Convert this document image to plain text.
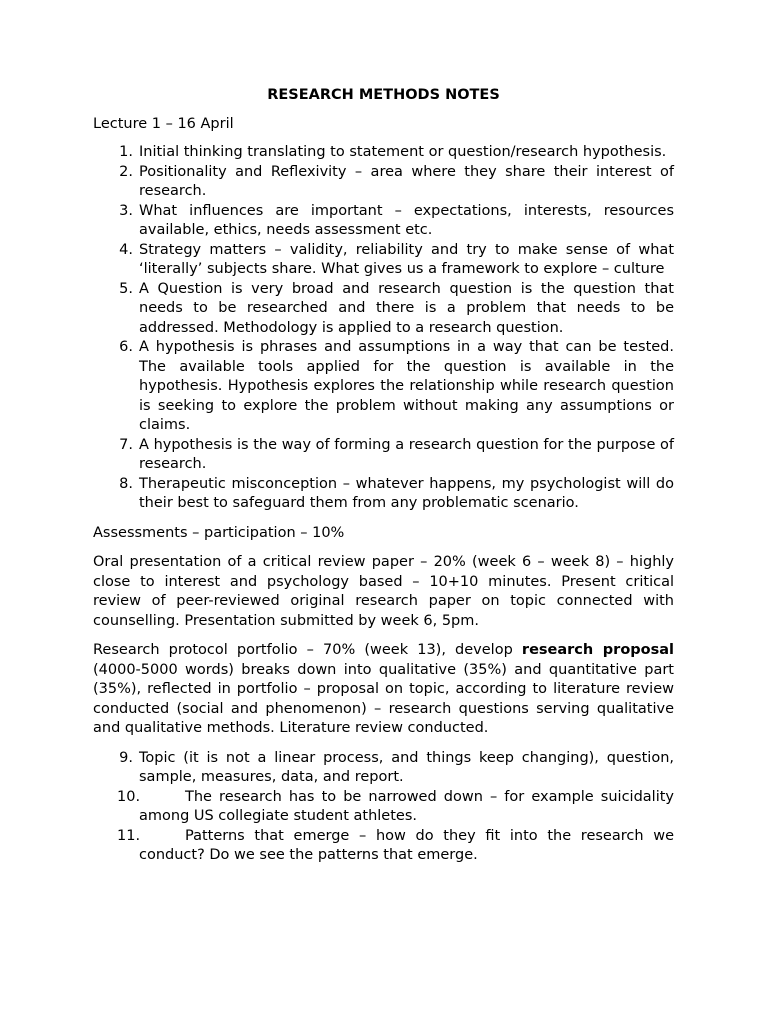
RESEARCH METHODS NOTES

Lecture 1 – 16 April

1. Initial thinking translating to statement or question/research hypothesis.
2. Positionality and Reflexivity – area where they share their interest of research.
3. What influences are important – expectations, interests, resources available, ethics, needs assessment etc.
4. Strategy matters – validity, reliability and try to make sense of what ‘literally’ subjects share. What gives us a framework to explore – culture
5. A Question is very broad and research question is the question that needs to be researched and there is a problem that needs to be addressed. Methodology is applied to a research question.
6. A hypothesis is phrases and assumptions in a way that can be tested. The available tools applied for the question is available in the hypothesis. Hypothesis explores the relationship while research question is seeking to explore the problem without making any assumptions or claims.
7. A hypothesis is the way of forming a research question for the purpose of research.
8. Therapeutic misconception – whatever happens, my psychologist will do their best to safeguard them from any problematic scenario.

Assessments – participation – 10%

Oral presentation of a critical review paper – 20% (week 6 – week 8) – highly close to interest and psychology based – 10+10 minutes. Present critical review of peer-reviewed original research paper on topic connected with counselling. Presentation submitted by week 6, 5pm.

Research protocol portfolio – 70% (week 13), develop research proposal (4000-5000 words) breaks down into qualitative (35%) and quantitative part (35%), reflected in portfolio – proposal on topic, according to literature review conducted (social and phenomenon) – research questions serving qualitative and qualitative methods. Literature review conducted.

9. Topic (it is not a linear process, and things keep changing), question, sample, measures, data, and report.
10.	The research has to be narrowed down – for example suicidality among US collegiate student athletes.
11.	Patterns that emerge – how do they fit into the research we conduct? Do we see the patterns that emerge.
